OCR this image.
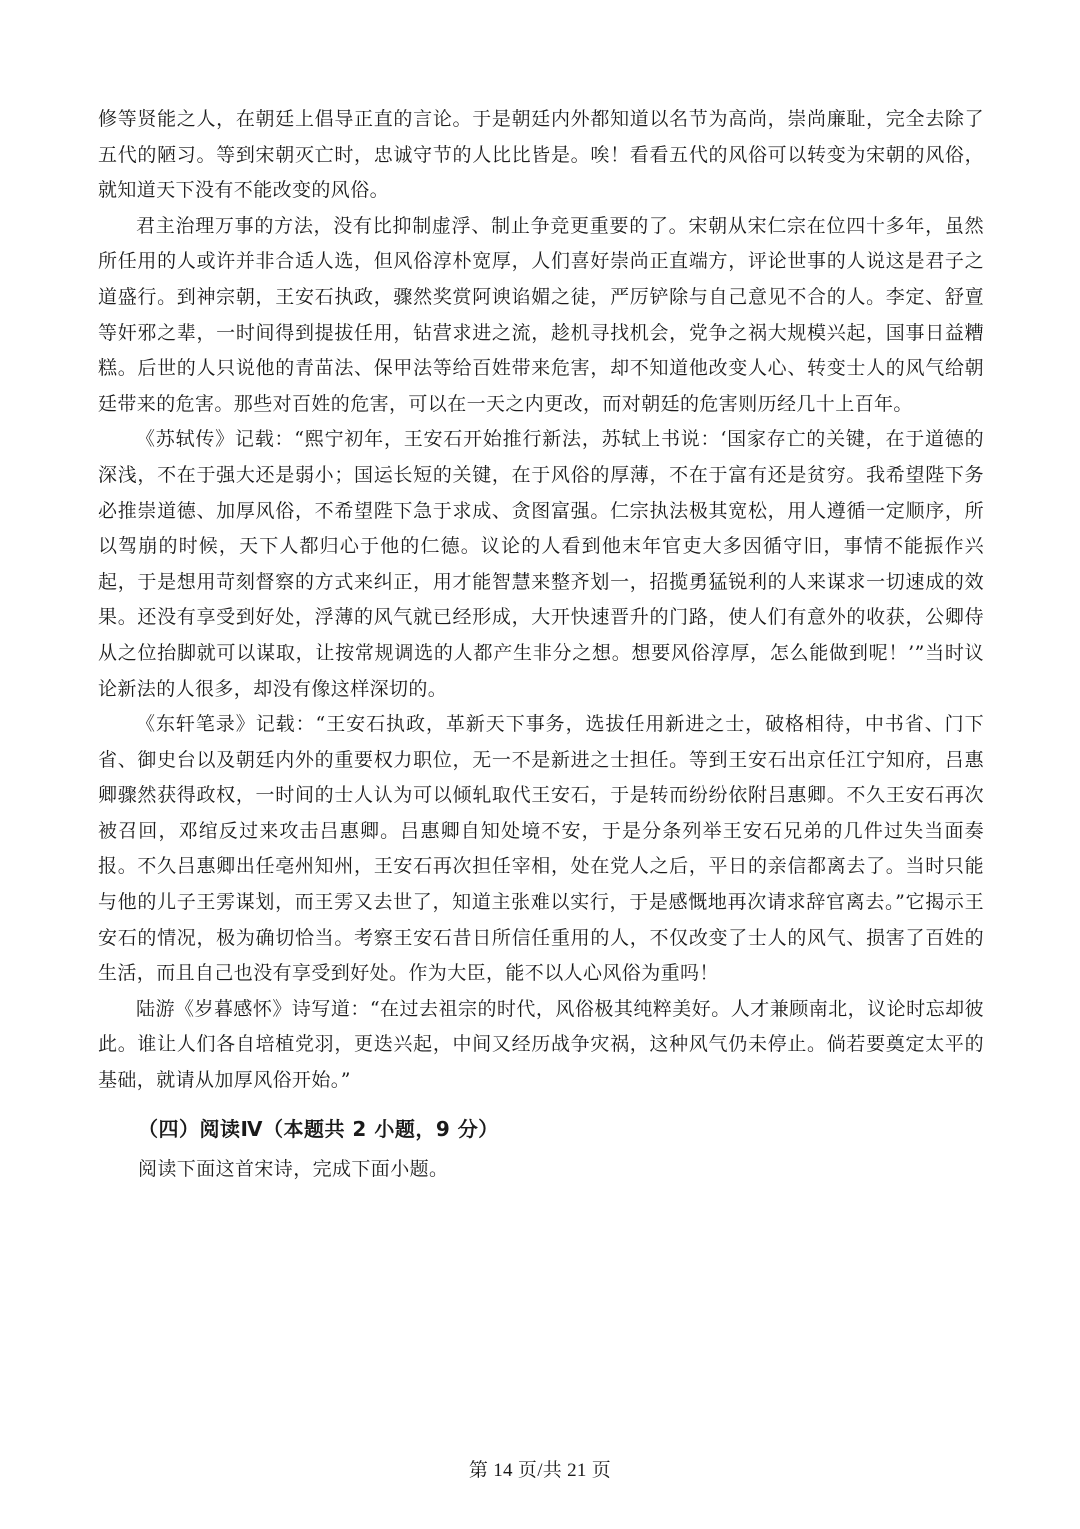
修等贤能之人，在朝廷上倡导正直的言论。于是朝廷内外都知道以名节为高尚，崇尚廉耻，完全去除了五代的陋习。等到宋朝灭亡时，忠诚守节的人比比皆是。唉！看看五代的风俗可以转变为宋朝的风俗，就知道天下没有不能改变的风俗。

君主治理万事的方法，没有比抑制虚浮、制止争竞更重要的了。宋朝从宋仁宗在位四十多年，虽然所任用的人或许并非合适人选，但风俗淳朴宽厚，人们喜好崇尚正直端方，评论世事的人说这是君子之道盛行。到神宗朝，王安石执政，骤然奖赏阿谀谄媚之徒，严厉铲除与自己意见不合的人。李定、舒亶等奸邪之辈，一时间得到提拔任用，钻营求进之流，趁机寻找机会，党争之祸大规模兴起，国事日益糟糕。后世的人只说他的青苗法、保甲法等给百姓带来危害，却不知道他改变人心、转变士人的风气给朝廷带来的危害。那些对百姓的危害，可以在一天之内更改，而对朝廷的危害则历经几十上百年。

《苏轼传》记载：“熙宁初年，王安石开始推行新法，苏轼上书说：‘国家存亡的关键，在于道德的深浅，不在于强大还是弱小；国运长短的关键，在于风俗的厚薄，不在于富有还是贫穷。我希望陛下务必推崇道德、加厚风俗，不希望陛下急于求成、贪图富强。仁宗执法极其宽松，用人遵循一定顺序，所以驾崩的时候，天下人都归心于他的仁德。议论的人看到他末年官吏大多因循守旧，事情不能振作兴起，于是想用苛刻督察的方式来纠正，用才能智慧来整齐划一，招揽勇猛锐利的人来谋求一切速成的效果。还没有享受到好处，浮薄的风气就已经形成，大开快速晋升的门路，使人们有意外的收获，公卿侍从之位抬脚就可以谋取，让按常规调选的人都产生非分之想。想要风俗淳厚，怎么能做到呢！’”当时议论新法的人很多，却没有像这样深切的。

《东轩笔录》记载：“王安石执政，革新天下事务，选拔任用新进之士，破格相待，中书省、门下省、御史台以及朝廷内外的重要权力职位，无一不是新进之士担任。等到王安石出京任江宁知府，吕惠卿骤然获得政权，一时间的士人认为可以倾轧取代王安石，于是转而纷纷依附吕惠卿。不久王安石再次被召回，邓绾反过来攻击吕惠卿。吕惠卿自知处境不安，于是分条列举王安石兄弟的几件过失当面奏报。不久吕惠卿出任亳州知州，王安石再次担任宰相，处在党人之后，平日的亲信都离去了。当时只能与他的儿子王雱谋划，而王雱又去世了，知道主张难以实行，于是感慨地再次请求辞官离去。”它揭示王安石的情况，极为确切恰当。考察王安石昔日所信任重用的人，不仅改变了士人的风气、损害了百姓的生活，而且自己也没有享受到好处。作为大臣，能不以人心风俗为重吗！

陆游《岁暮感怀》诗写道：“在过去祖宗的时代，风俗极其纯粹美好。人才兼顾南北，议论时忘却彼此。谁让人们各自培植党羽，更迭兴起，中间又经历战争灾祸，这种风气仍未停止。倘若要奠定太平的基础，就请从加厚风俗开始。”

（四）阅读Ⅳ（本题共 2 小题，9 分）
阅读下面这首宋诗，完成下面小题。
第 14 页/共 21 页
